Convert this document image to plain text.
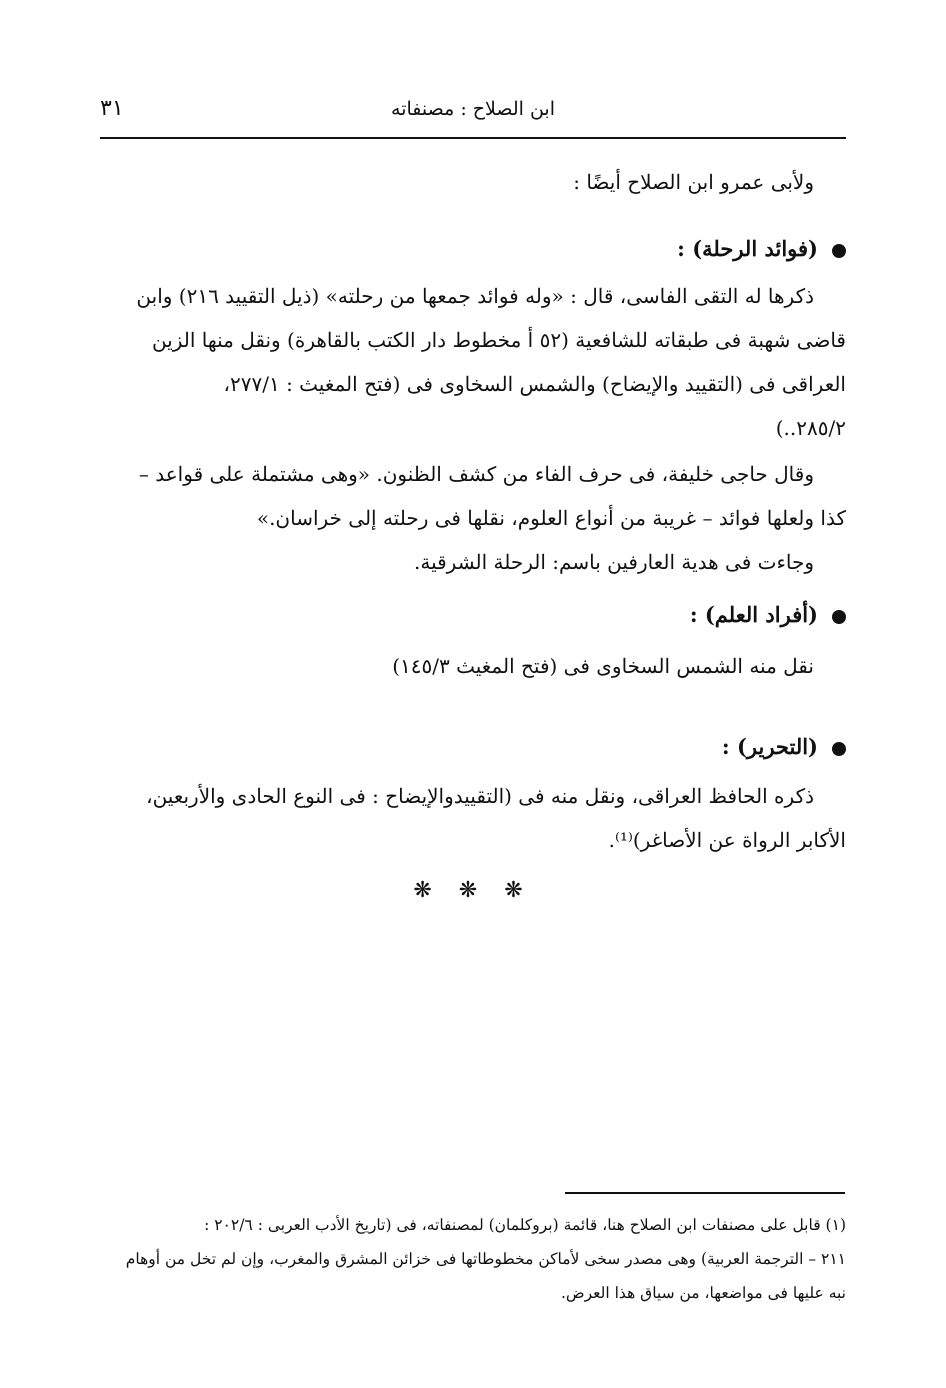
٣١	ابن الصلاح : مصنفاته
ولأبى عمرو ابن الصلاح أيضًا :
(فوائد الرحلة) :
ذكرها له التقى الفاسى، قال : «وله فوائد جمعها من رحلته» (ذيل التقييد ٢١٦) وابن
قاضى شهبة فى طبقاته للشافعية (٥٢ أ مخطوط دار الكتب بالقاهرة) ونقل منها الزين
العراقى فى (التقييد والإيضاح) والشمس السخاوى فى (فتح المغيث : ٢٧٧/١،
٢٨٥/٢..)
وقال حاجى خليفة، فى حرف الفاء من كشف الظنون. «وهى مشتملة على قواعد –
كذا ولعلها فوائد – غريبة من أنواع العلوم، نقلها فى رحلته إلى خراسان.»
وجاءت فى هدية العارفين باسم: الرحلة الشرقية.
(أفراد العلم) :
نقل منه الشمس السخاوى فى (فتح المغيث ١٤٥/٣)
(التحرير) :
ذكره الحافظ العراقى، ونقل منه فى (التقييدوالإيضاح : فى النوع الحادى والأربعين،
الأكابر الرواة عن الأصاغر)⁽¹⁾.
❋ ❋ ❋
(١) قابل على مصنفات ابن الصلاح هنا، قائمة (بروكلمان) لمصنفاته، فى (تاريخ الأدب العربى : ٢٠٢/٦ :
٢١١ – الترجمة العربية) وهى مصدر سخى لأماكن مخطوطاتها فى خزائن المشرق والمغرب، وإن لم تخل من أوهام
نبه عليها فى مواضعها، من سياق هذا العرض.
